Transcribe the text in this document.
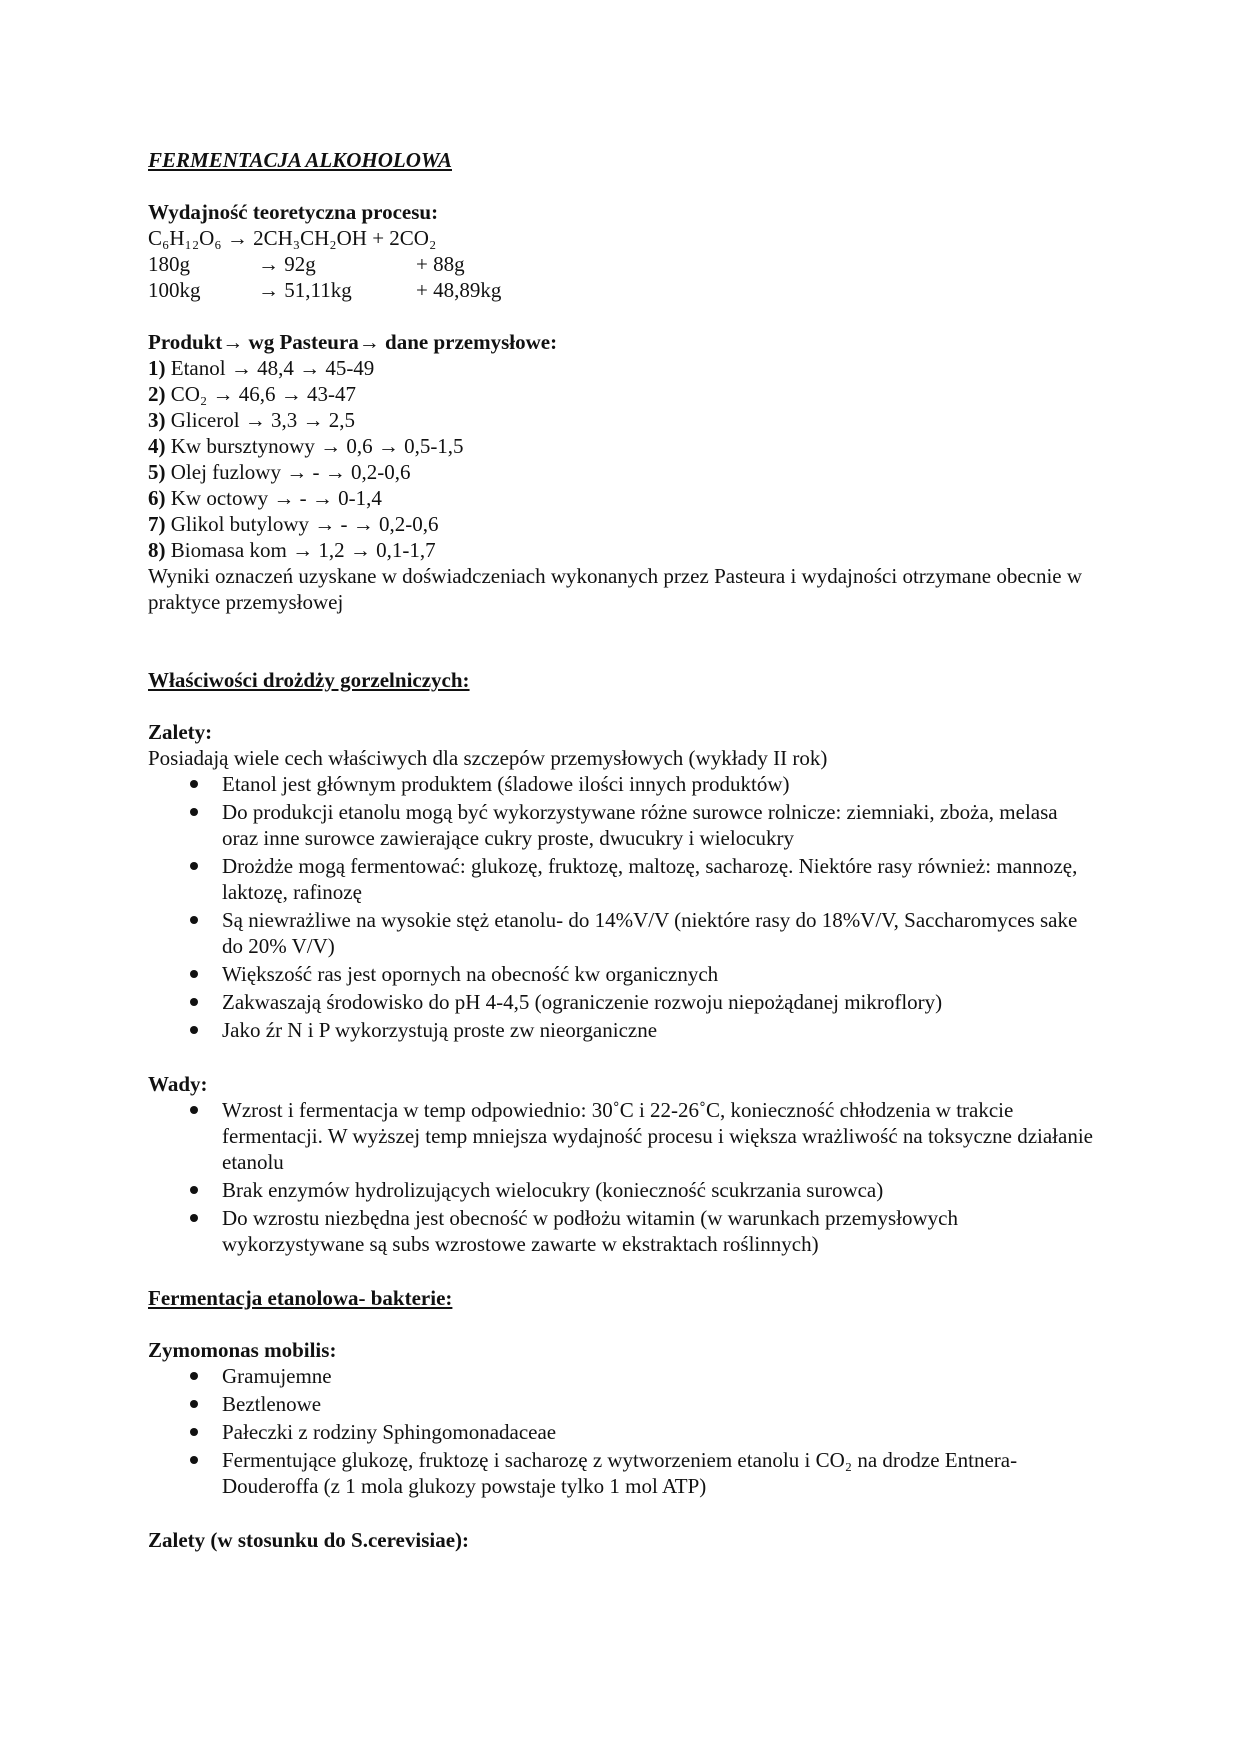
FERMENTACJA ALKOHOLOWA
Wydajność teoretyczna procesu:
C₆H₁₂O₆ → 2CH₃CH₂OH + 2CO₂
180g	→ 92g	+ 88g
100kg	→ 51,11kg	+ 48,89kg
Produkt→ wg Pasteura→ dane przemysłowe:
1) Etanol → 48,4 → 45-49
2) CO₂ → 46,6 → 43-47
3) Glicerol → 3,3 → 2,5
4) Kw bursztynowy → 0,6 → 0,5-1,5
5) Olej fuzlowy → - → 0,2-0,6
6) Kw octowy → - → 0-1,4
7) Glikol butylowy → - → 0,2-0,6
8) Biomasa kom → 1,2 → 0,1-1,7
Wyniki oznaczeń uzyskane w doświadczeniach wykonanych przez Pasteura i wydajności otrzymane obecnie w praktyce przemysłowej
Właściwości drożdży gorzelniczych:
Zalety:
Posiadają wiele cech właściwych dla szczepów przemysłowych (wykłady II rok)
Etanol jest głównym produktem (śladowe ilości innych produktów)
Do produkcji etanolu mogą być wykorzystywane różne surowce rolnicze: ziemniaki, zboża, melasa oraz inne surowce zawierające cukry proste, dwucukry i wielocukry
Drożdże mogą fermentować: glukozę, fruktozę, maltozę, sacharozę. Niektóre rasy również: mannozę, laktozę, rafinozę
Są niewrażliwe na wysokie stęż etanolu- do 14%V/V (niektóre rasy do 18%V/V, Saccharomyces sake do 20% V/V)
Większość ras jest opornych na obecność kw organicznych
Zakwaszają środowisko do pH 4-4,5 (ograniczenie rozwoju niepożądanej mikroflory)
Jako źr N i P wykorzystują proste zw nieorganiczne
Wady:
Wzrost i fermentacja w temp odpowiednio: 30˚C i 22-26˚C, konieczność chłodzenia w trakcie fermentacji. W wyższej temp mniejsza wydajność procesu i większa wrażliwość na toksyczne działanie etanolu
Brak enzymów hydrolizujących wielocukry (konieczność scukrzania surowca)
Do wzrostu niezbędna jest obecność w podłożu witamin (w warunkach przemysłowych wykorzystywane są subs wzrostowe zawarte w ekstraktach roślinnych)
Fermentacja etanolowa- bakterie:
Zymomonas mobilis:
Gramujemne
Beztlenowe
Pałeczki z rodziny Sphingomonadaceae
Fermentujące glukozę, fruktozę i sacharozę z wytworzeniem etanolu i CO₂ na drodze Entnera-Douderoffa (z 1 mola glukozy powstaje tylko 1 mol ATP)
Zalety (w stosunku do S.cerevisiae):
